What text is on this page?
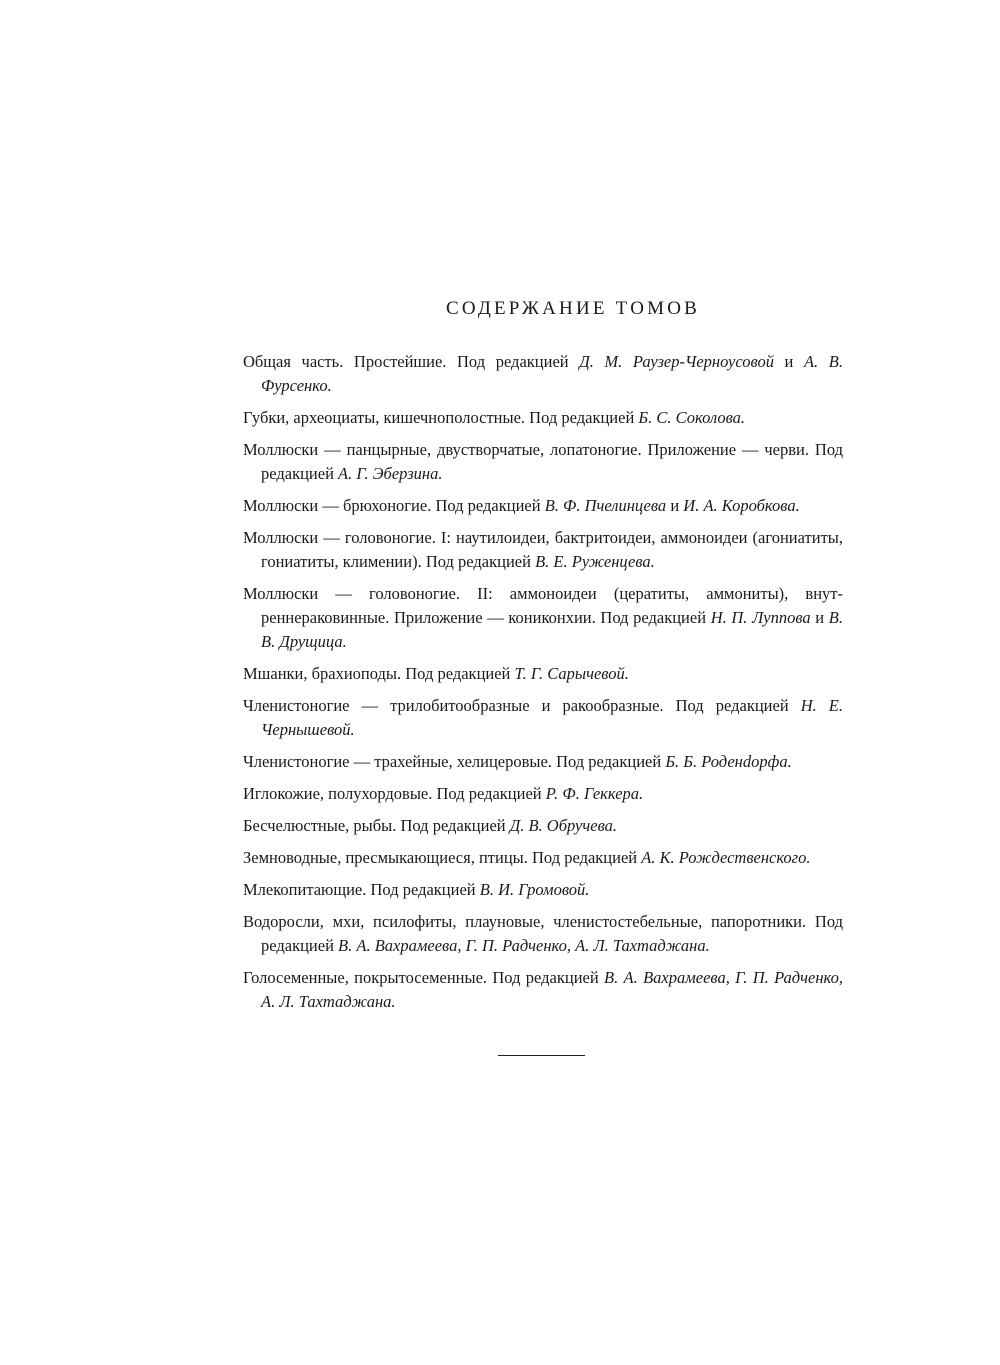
СОДЕРЖАНИЕ ТОМОВ
Общая часть. Простейшие. Под редакцией Д. М. Раузер-Черноусовой и А. В. Фурсенко.
Губки, археоциаты, кишечнополостные. Под редакцией Б. С. Соколова.
Моллюски — панцырные, двустворчатые, лопатоногие. Приложение — черви. Под редакцией А. Г. Эберзина.
Моллюски — брюхоногие. Под редакцией В. Ф. Пчелинцева и И. А. Коробкова.
Моллюски — головоногие. I: наутилоидеи, бактритоидеи, аммоноидеи (агониатиты, гониатиты, климении). Под редакцией В. Е. Руженцева.
Моллюски — головоногие. II: аммоноидеи (цератиты, аммониты), внутреннераковинные. Приложение — кониконхии. Под редакцией Н. П. Луппова и В. В. Друщица.
Мшанки, брахиоподы. Под редакцией Т. Г. Сарычевой.
Членистоногие — трилобитообразные и ракообразные. Под редакцией Н. Е. Чернышевой.
Членистоногие — трахейные, хелицеровые. Под редакцией Б. Б. Роденdорфа.
Иглокожие, полухордовые. Под редакцией Р. Ф. Геккера.
Бесчелюстные, рыбы. Под редакцией Д. В. Обручева.
Земноводные, пресмыкающиеся, птицы. Под редакцией А. К. Рождественского.
Млекопитающие. Под редакцией В. И. Громовой.
Водоросли, мхи, псилофиты, плауновые, членистостебельные, папоротники. Под редакцией В. А. Вахрамеева, Г. П. Радченко, А. Л. Тахтаджана.
Голосеменные, покрытосеменные. Под редакцией В. А. Вахрамеева, Г. П. Радченко, А. Л. Тахтаджана.
